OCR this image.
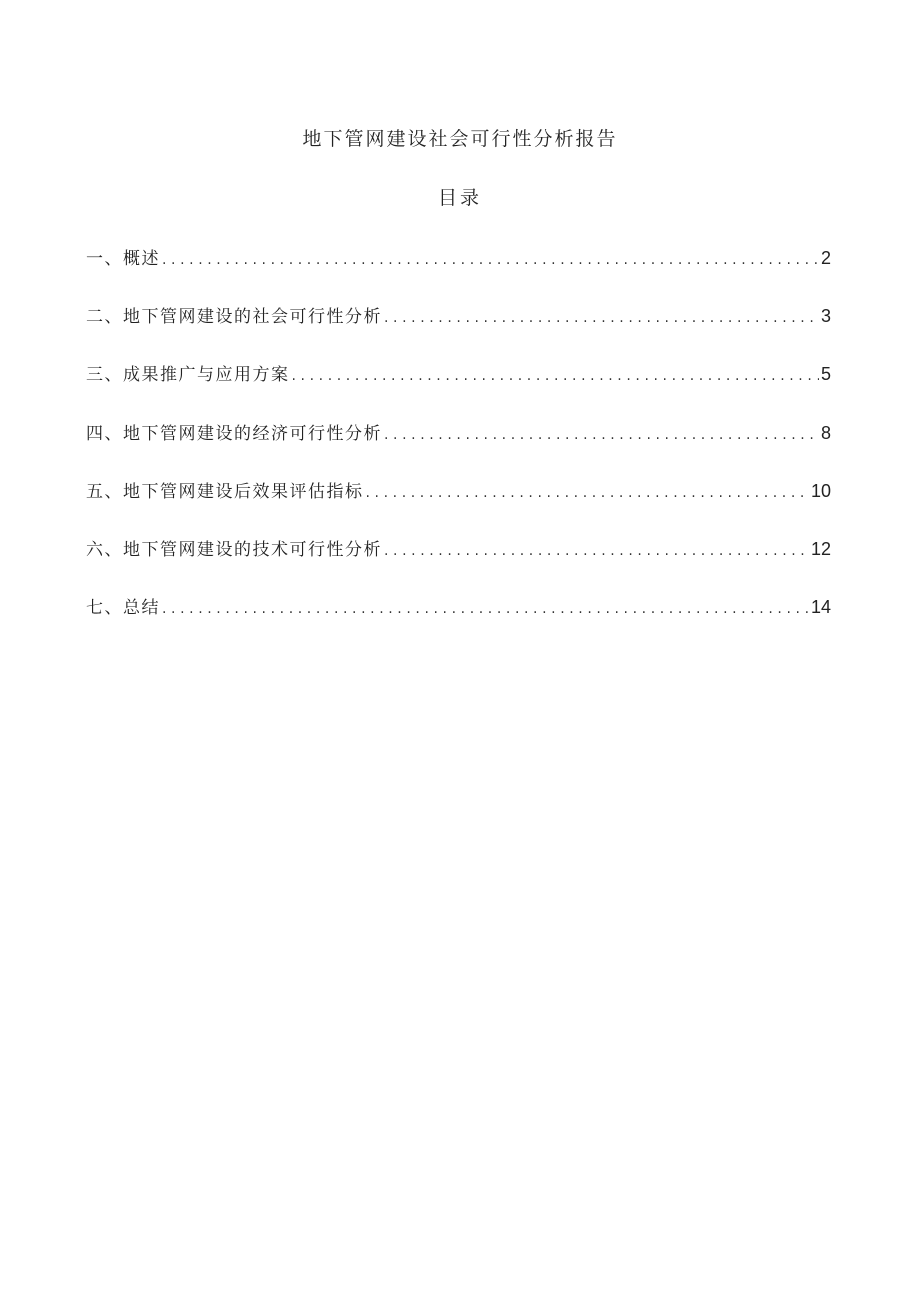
地下管网建设社会可行性分析报告
目录
一、概述 .....	2
二、地下管网建设的社会可行性分析 .....	3
三、成果推广与应用方案 .....	5
四、地下管网建设的经济可行性分析 .....	8
五、地下管网建设后效果评估指标 .....	10
六、地下管网建设的技术可行性分析 .....	12
七、总结 .....	14
